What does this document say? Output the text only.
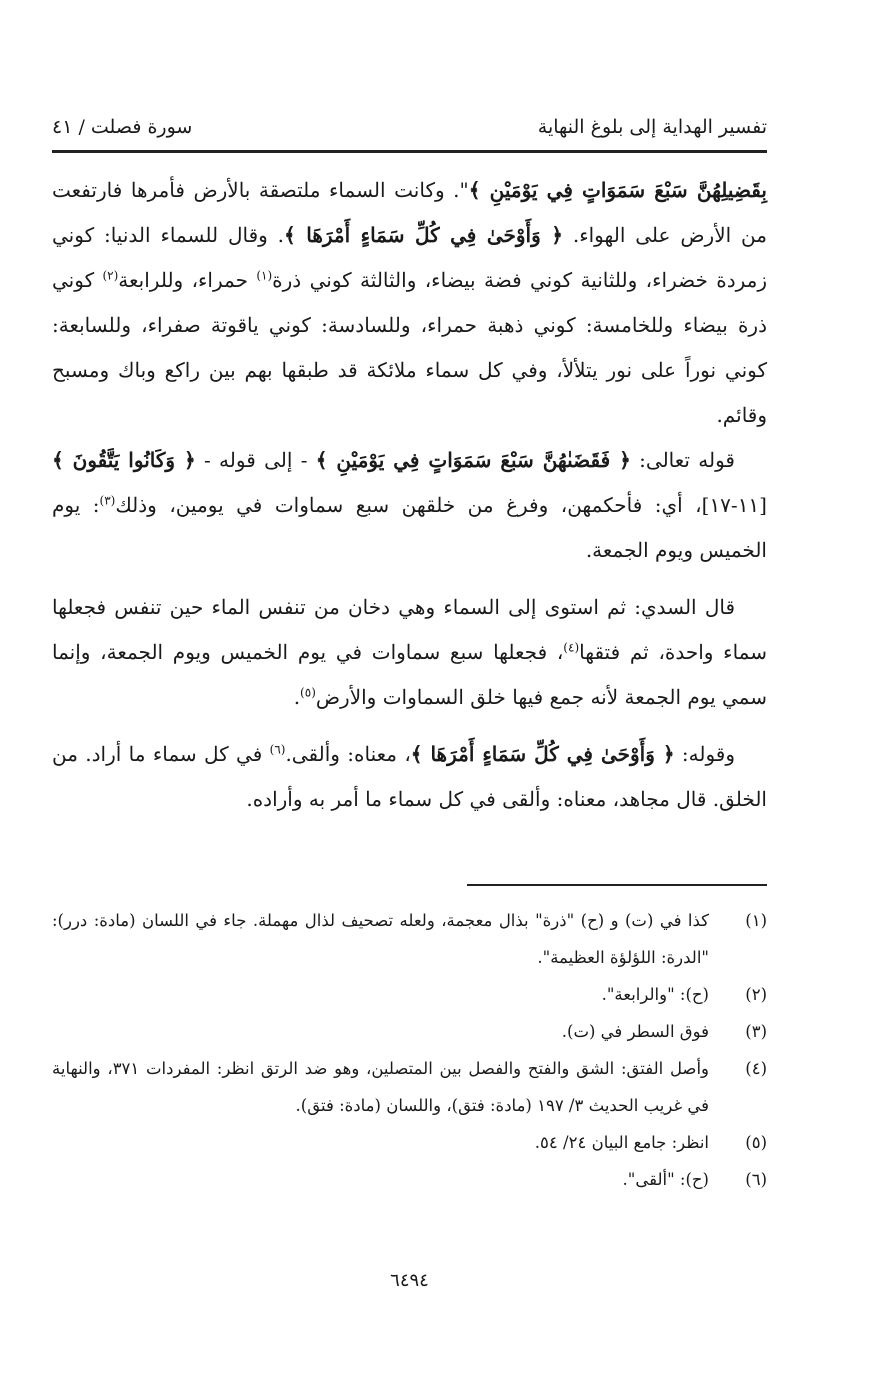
تفسير الهداية إلى بلوغ النهاية
سورة فصلت / ٤١

بِقَضِيلِهُنَّ سَبْعَ سَمَوَاتٍ فِي يَوْمَيْنِ ﴾". وكانت السماء ملتصقة بالأرض فأمرها فارتفعت من الأرض على الهواء. ﴿ وَأَوْحَىٰ فِي كُلِّ سَمَاءٍ أَمْرَهَا ﴾. وقال للسماء الدنيا: كوني زمردة خضراء، وللثانية كوني فضة بيضاء، والثالثة كوني ذرة$^{(١)}$ حمراء، وللرابعة$^{(٢)}$ كوني ذرة بيضاء وللخامسة: كوني ذهبة حمراء، وللسادسة: كوني ياقوتة صفراء، وللسابعة: كوني نوراً على نور يتلألأ، وفي كل سماء ملائكة قد طبقها بهم بين راكع وباك ومسبح وقائم.

قوله تعالى: ﴿ فَقَضَىٰهُنَّ سَبْعَ سَمَوَاتٍ فِي يَوْمَيْنِ ﴾ - إلى قوله - ﴿ وَكَانُوا يَتَّقُونَ ﴾[١١-١٧]، أي: فأحكمهن، وفرغ من خلقهن سبع سماوات في يومين، وذلك$^{(٣)}$: يوم الخميس ويوم الجمعة.

قال السدي: ثم استوى إلى السماء وهي دخان من تنفس الماء حين تنفس فجعلها سماء واحدة، ثم فتقها$^{(٤)}$، فجعلها سبع سماوات في يوم الخميس ويوم الجمعة، وإنما سمي يوم الجمعة لأنه جمع فيها خلق السماوات والأرض$^{(٥)}$.

وقوله: ﴿ وَأَوْحَىٰ فِي كُلِّ سَمَاءٍ أَمْرَهَا ﴾، معناه: وألقى.$^{(٦)}$ في كل سماء ما أراد. من الخلق. قال مجاهد، معناه: وألقى في كل سماء ما أمر به وأراده.

(١)
كذا في (ت) و (ح) "ذرة" بذال معجمة، ولعله تصحيف لذال مهملة. جاء في اللسان (مادة: درر): "الدرة: اللؤلؤة العظيمة".
(٢)
(ح): "والرابعة".
(٣)
فوق السطر في (ت).
(٤)
وأصل الفتق: الشق والفتح والفصل بين المتصلين، وهو ضد الرتق انظر: المفردات ٣٧١، والنهاية في غريب الحديث ٣/ ١٩٧ (مادة: فتق)، واللسان (مادة: فتق).
(٥)
انظر: جامع البيان ٢٤/ ٥٤.
(٦)
(ح): "ألقى".
٦٤٩٤
